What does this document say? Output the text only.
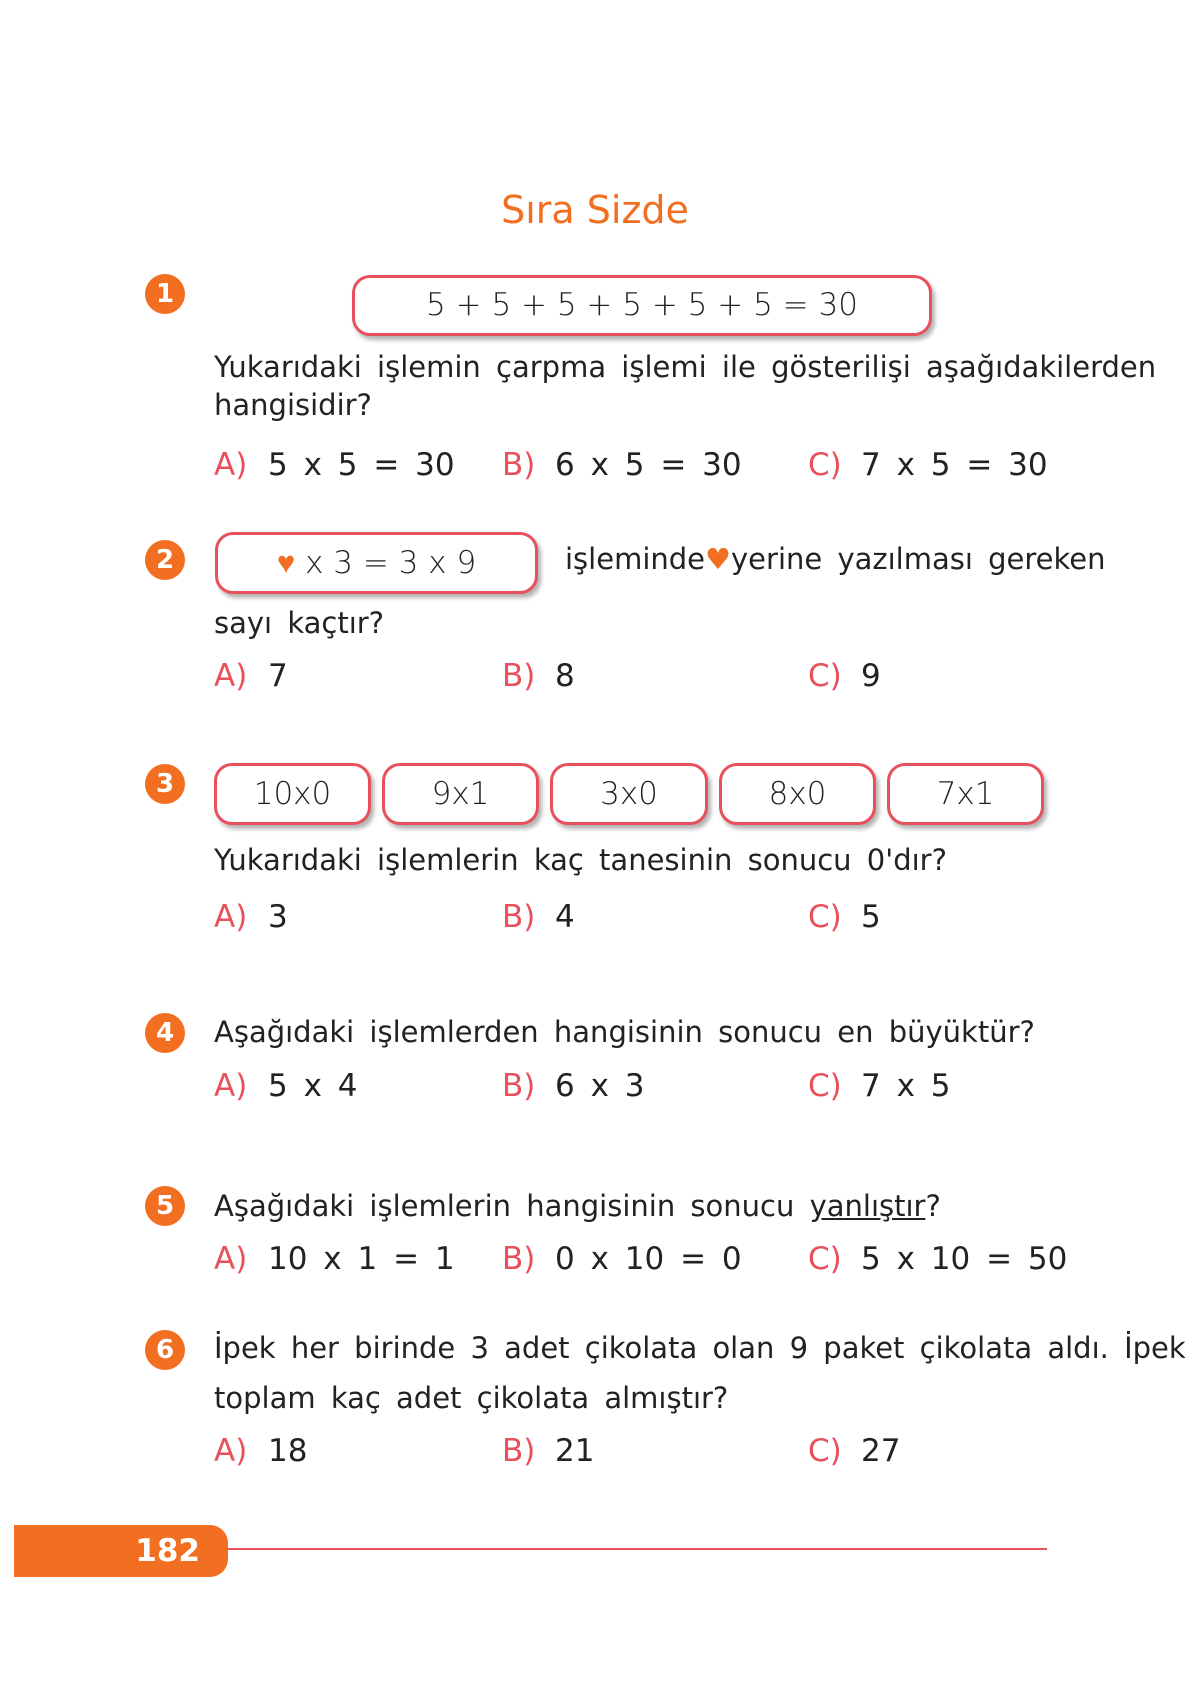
Sıra Sizde
1	5 + 5 + 5 + 5 + 5 + 5 = 30
Yukarıdaki işlemin çarpma işlemi ile gösterilişi aşağıdakilerden
hangisidir?
2	♥ x 3 = 3 x 9	işleminde ♥ yerine yazılması gereken
sayı kaçtır?
3	10x0	9x1	3x0	8x0	7x1
Yukarıdaki işlemlerin kaç tanesinin sonucu 0'dır?
4	Aşağıdaki işlemlerden hangisinin sonucu en büyüktür?
5	Aşağıdaki işlemlerin hangisinin sonucu yanlıştır?
6	İpek her birinde 3 adet çikolata olan 9 paket çikolata aldı. İpek
toplam kaç adet çikolata almıştır?
A) 5 x 5 = 30 B) 6 x 5 = 30 C) 7 x 5 = 30
A) 7	B) 8	C) 9
A) 3	B) 4	C) 5
A) 5 x 4	B) 6 x 3	C) 7 x 5
A) 10 x 1 = 1 B) 0 x 10 = 0 C) 5 x 10 = 50
A) 18	B) 21	C) 27
182
